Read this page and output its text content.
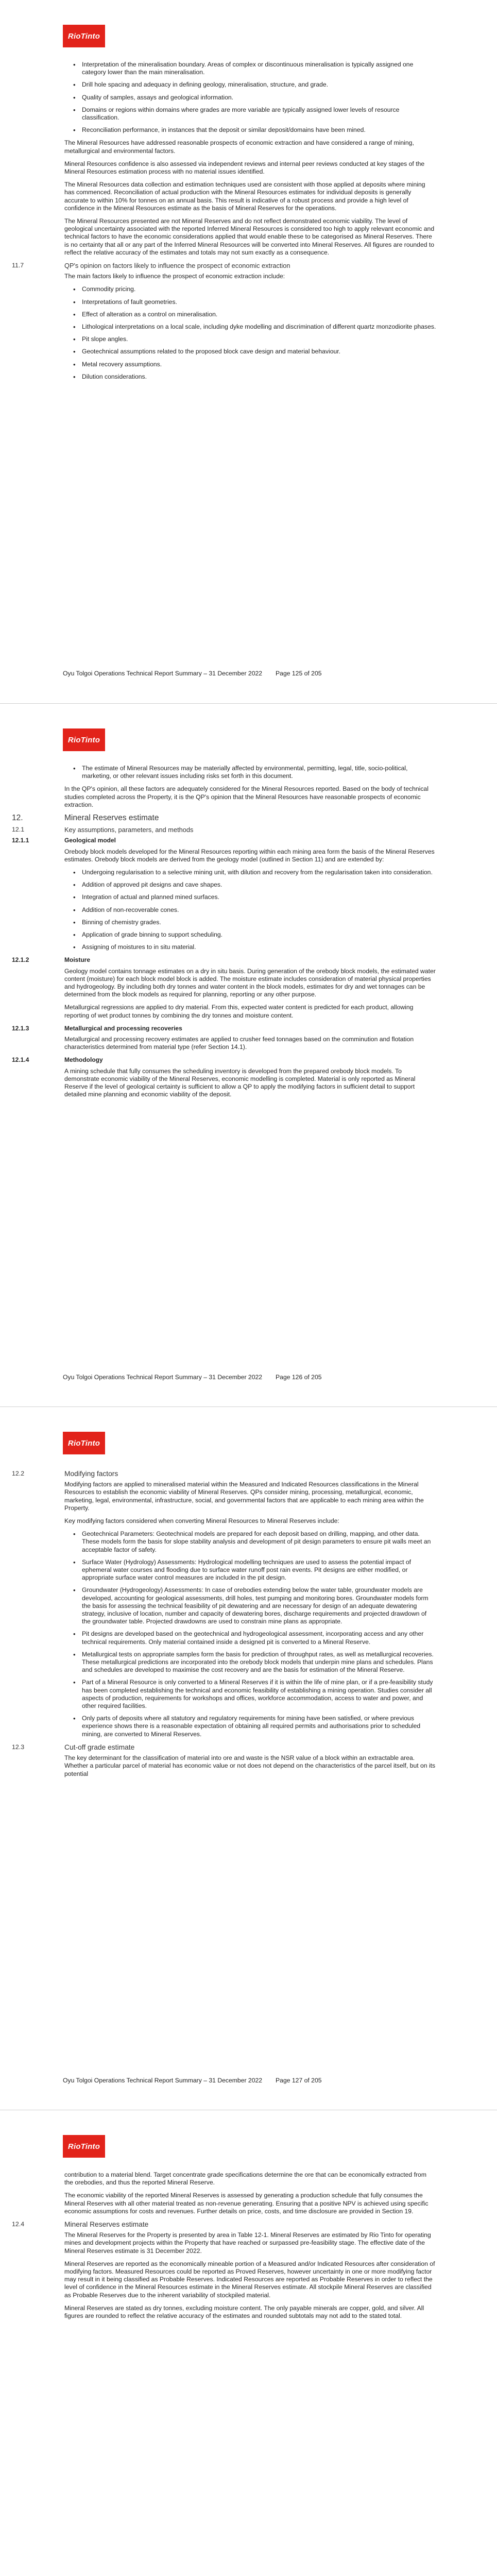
RioTinto
• Interpretation of the mineralisation boundary. Areas of complex or discontinuous mineralisation is typically assigned one category lower than the main mineralisation.
• Drill hole spacing and adequacy in defining geology, mineralisation, structure, and grade.
• Quality of samples, assays and geological information.
• Domains or regions within domains where grades are more variable are typically assigned lower levels of resource classification.
• Reconciliation performance, in instances that the deposit or similar deposit/domains have been mined.

The Mineral Resources have addressed reasonable prospects of economic extraction and have considered a range of mining, metallurgical and environmental factors.

Mineral Resources confidence is also assessed via independent reviews and internal peer reviews conducted at key stages of the Mineral Resources estimation process with no material issues identified.

The Mineral Resources data collection and estimation techniques used are consistent with those applied at deposits where mining has commenced. Reconciliation of actual production with the Mineral Resources estimates for individual deposits is generally accurate to within 10% for tonnes on an annual basis. This result is indicative of a robust process and provide a high level of confidence in the Mineral Resources estimate as the basis of Mineral Reserves for the operations.

The Mineral Resources presented are not Mineral Reserves and do not reflect demonstrated economic viability. The level of geological uncertainty associated with the reported Inferred Mineral Resources is considered too high to apply relevant economic and technical factors to have the economic considerations applied that would enable these to be categorised as Mineral Reserves. There is no certainty that all or any part of the Inferred Mineral Resources will be converted into Mineral Reserves. All figures are rounded to reflect the relative accuracy of the estimates and totals may not sum exactly as a consequence.

11.7	QP's opinion on factors likely to influence the prospect of economic extraction

The main factors likely to influence the prospect of economic extraction include:

• Commodity pricing.
• Interpretations of fault geometries.
• Effect of alteration as a control on mineralisation.
• Lithological interpretations on a local scale, including dyke modelling and discrimination of different quartz monzodiorite phases.
• Pit slope angles.
• Geotechnical assumptions related to the proposed block cave design and material behaviour.
• Metal recovery assumptions.
• Dilution considerations.
Oyu Tolgoi Operations Technical Report Summary – 31 December 2022 Page 125 of 205
RioTinto
• The estimate of Mineral Resources may be materially affected by environmental, permitting, legal, title, socio-political, marketing, or other relevant issues including risks set forth in this document.

In the QP's opinion, all these factors are adequately considered for the Mineral Resources reported. Based on the body of technical studies completed across the Property, it is the QP's opinion that the Mineral Resources have reasonable prospects of economic extraction.

12.	Mineral Reserves estimate
12.1	Key assumptions, parameters, and methods
12.1.1	Geological model

Orebody block models developed for the Mineral Resources reporting within each mining area form the basis of the Mineral Reserves estimates. Orebody block models are derived from the geology model (outlined in Section 11) and are extended by:

• Undergoing regularisation to a selective mining unit, with dilution and recovery from the regularisation taken into consideration.
• Addition of approved pit designs and cave shapes.
• Integration of actual and planned mined surfaces.
• Addition of non-recoverable cones.
• Binning of chemistry grades.
• Application of grade binning to support scheduling.
• Assigning of moistures to in situ material.
12.1.2	Moisture

Geology model contains tonnage estimates on a dry in situ basis. During generation of the orebody block models, the estimated water content (moisture) for each block model block is added. The moisture estimate includes consideration of material physical properties and hydrogeology. By including both dry tonnes and water content in the block models, estimates for dry and wet tonnages can be determined from the block models as required for planning, reporting or any other purpose.

Metallurgical regressions are applied to dry material. From this, expected water content is predicted for each product, allowing reporting of wet product tonnes by combining the dry tonnes and moisture content.

12.1.3	Metallurgical and processing recoveries

Metallurgical and processing recovery estimates are applied to crusher feed tonnages based on the comminution and flotation characteristics determined from material type (refer Section 14.1).

12.1.4	Methodology

A mining schedule that fully consumes the scheduling inventory is developed from the prepared orebody block models. To demonstrate economic viability of the Mineral Reserves, economic modelling is completed. Material is only reported as Mineral Reserve if the level of geological certainty is sufficient to allow a QP to apply the modifying factors in sufficient detail to support detailed mine planning and economic viability of the deposit.

Oyu Tolgoi Operations Technical Report Summary – 31 December 2022 Page 126 of 205
RioTinto
12.2	Modifying factors

Modifying factors are applied to mineralised material within the Measured and Indicated Resources classifications in the Mineral Resources to establish the economic viability of Mineral Reserves. QPs consider mining, processing, metallurgical, economic, marketing, legal, environmental, infrastructure, social, and governmental factors that are applicable to each mining area within the Property.

Key modifying factors considered when converting Mineral Resources to Mineral Reserves include:

• Geotechnical Parameters: Geotechnical models are prepared for each deposit based on drilling, mapping, and other data. These models form the basis for slope stability analysis and development of pit design parameters to ensure pit walls meet an acceptable factor of safety.
• Surface Water (Hydrology) Assessments: Hydrological modelling techniques are used to assess the potential impact of ephemeral water courses and flooding due to surface water runoff post rain events. Pit designs are either modified, or appropriate surface water control measures are included in the pit design.
• Groundwater (Hydrogeology) Assessments: In case of orebodies extending below the water table, groundwater models are developed, accounting for geological assessments, drill holes, test pumping and monitoring bores. Groundwater models form the basis for assessing the technical feasibility of pit dewatering and are necessary for design of an adequate dewatering strategy, inclusive of location, number and capacity of dewatering bores, discharge requirements and projected drawdown of the groundwater table. Projected drawdowns are used to constrain mine plans as appropriate.
• Pit designs are developed based on the geotechnical and hydrogeological assessment, incorporating access and any other technical requirements. Only material contained inside a designed pit is converted to a Mineral Reserve.
• Metallurgical tests on appropriate samples form the basis for prediction of throughput rates, as well as metallurgical recoveries. These metallurgical predictions are incorporated into the orebody block models that underpin mine plans and schedules. Plans and schedules are developed to maximise the cost recovery and are the basis for estimation of the Mineral Reserve.
• Part of a Mineral Resource is only converted to a Mineral Reserves if it is within the life of mine plan, or if a pre-feasibility study has been completed establishing the technical and economic feasibility of establishing a mining operation. Studies consider all aspects of production, requirements for workshops and offices, workforce accommodation, access to water and power, and other required facilities.
• Only parts of deposits where all statutory and regulatory requirements for mining have been satisfied, or where previous experience shows there is a reasonable expectation of obtaining all required permits and authorisations prior to scheduled mining, are converted to Mineral Reserves.
12.3	Cut-off grade estimate

The key determinant for the classification of material into ore and waste is the NSR value of a block within an extractable area. Whether a particular parcel of material has economic value or not does not depend on the characteristics of the parcel itself, but on its potential

Oyu Tolgoi Operations Technical Report Summary – 31 December 2022 Page 127 of 205
RioTinto

contribution to a material blend. Target concentrate grade specifications determine the ore that can be economically extracted from the orebodies, and thus the reported Mineral Reserve.

The economic viability of the reported Mineral Reserves is assessed by generating a production schedule that fully consumes the Mineral Reserves with all other material treated as non-revenue generating. Ensuring that a positive NPV is achieved using specific economic assumptions for costs and revenues. Further details on price, costs, and time disclosure are provided in Section 19.

12.4	Mineral Reserves estimate

The Mineral Reserves for the Property is presented by area in Table 12-1. Mineral Reserves are estimated by Rio Tinto for operating mines and development projects within the Property that have reached or surpassed pre-feasibility stage. The effective date of the Mineral Reserves estimate is 31 December 2022.

Mineral Reserves are reported as the economically mineable portion of a Measured and/or Indicated Resources after consideration of modifying factors. Measured Resources could be reported as Proved Reserves, however uncertainty in one or more modifying factor may result in it being classified as Probable Reserves. Indicated Resources are reported as Probable Reserves in order to reflect the level of confidence in the Mineral Resources estimate in the Mineral Reserves estimate. All stockpile Mineral Reserves are classified as Probable Reserves due to the inherent variability of stockpiled material.

Mineral Reserves are stated as dry tonnes, excluding moisture content. The only payable minerals are copper, gold, and silver. All figures are rounded to reflect the relative accuracy of the estimates and rounded subtotals may not add to the stated total.
